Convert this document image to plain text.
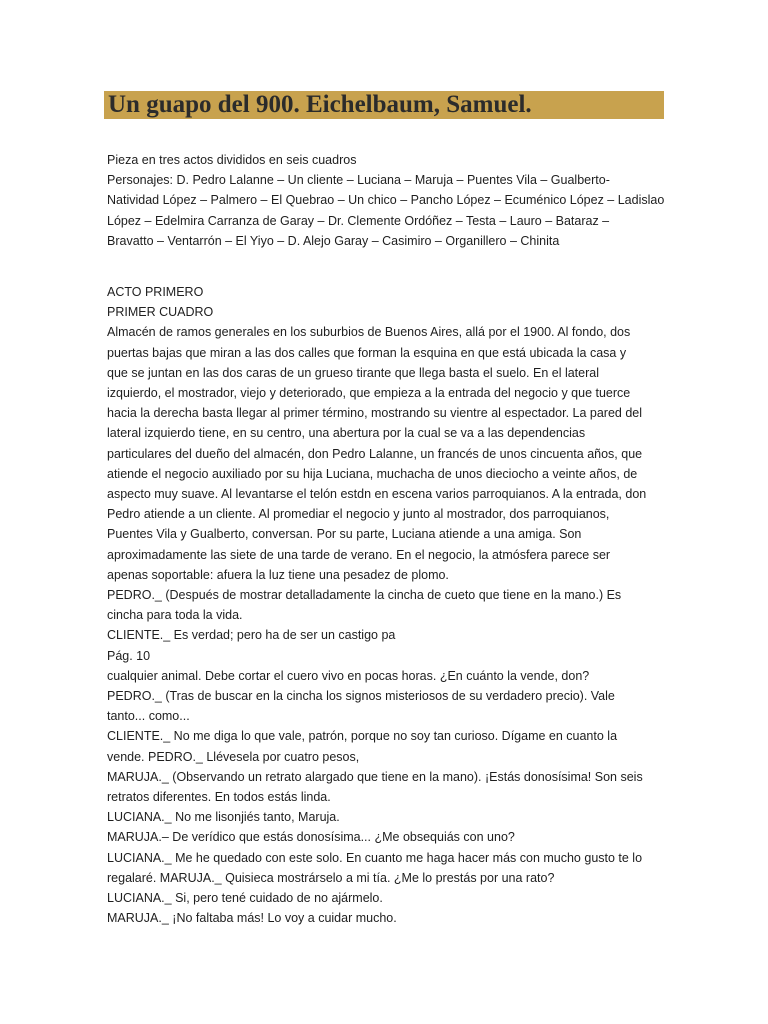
Un guapo del 900. Eichelbaum, Samuel.

Pieza en tres actos divididos en seis cuadros

Personajes: D. Pedro Lalanne – Un cliente – Luciana – Maruja – Puentes Vila – Gualberto-

Natividad López – Palmero – El Quebrao – Un chico – Pancho López – Ecuménico López – Ladislao

López – Edelmira Carranza de Garay – Dr. Clemente Ordóñez – Testa – Lauro – Bataraz –

Bravatto – Ventarrón – El Yiyo – D. Alejo Garay – Casimiro – Organillero – Chinita

ACTO PRIMERO

PRIMER CUADRO

Almacén de ramos generales en los suburbios de Buenos Aires, allá por el 1900. Al fondo, dos

puertas bajas que miran a las dos calles que forman la esquina en que está ubicada la casa y

que se juntan en las dos caras de un grueso tirante que llega basta el suelo. En el lateral

izquierdo, el mostrador, viejo y deteriorado, que empieza a la entrada del negocio y que tuerce

hacia la derecha basta llegar al primer término, mostrando su vientre al espectador. La pared del

lateral izquierdo tiene, en su centro, una abertura por la cual se va a las dependencias

particulares del dueño del almacén, don Pedro Lalanne, un francés de unos cincuenta años, que

atiende el negocio auxiliado por su hija Luciana, muchacha de unos dieciocho a veinte años, de

aspecto muy suave. Al levantarse el telón estdn en escena varios parroquianos. A la entrada, don

Pedro atiende a un cliente. Al promediar el negocio y junto al mostrador, dos parroquianos,

Puentes Vila y Gualberto, conversan. Por su parte, Luciana atiende a una amiga. Son

aproximadamente las siete de una tarde de verano. En el negocio, la atmósfera parece ser

apenas soportable: afuera la luz tiene una pesadez de plomo.

PEDRO._ (Después de mostrar detalladamente la cincha de cueto que tiene en la mano.) Es

cincha para toda la vida.

CLIENTE._ Es verdad; pero ha de ser un castigo pa

Pág. 10

cualquier animal. Debe cortar el cuero vivo en pocas horas. ¿En cuánto la vende, don?

PEDRO._ (Tras de buscar en la cincha los signos misteriosos de su verdadero precio). Vale

tanto... como...

CLIENTE._ No me diga lo que vale, patrón, porque no soy tan curioso. Dígame en cuanto la

vende. PEDRO._ Llévesela por cuatro pesos,

MARUJA._ (Observando un retrato alargado que tiene en la mano). ¡Estás donosísima! Son seis

retratos diferentes. En todos estás linda.

LUCIANA._ No me lisonjiés tanto, Maruja.

MARUJA.– De verídico que estás donosísima... ¿Me obsequiás con uno?

LUCIANA._ Me he quedado con este solo. En cuanto me haga hacer más con mucho gusto te lo

regalaré. MARUJA._ Quisieca mostrárselo a mi tía. ¿Me lo prestás por una rato?

LUCIANA._ Si, pero tené cuidado de no ajármelo.

MARUJA._ ¡No faltaba más! Lo voy a cuidar mucho.
